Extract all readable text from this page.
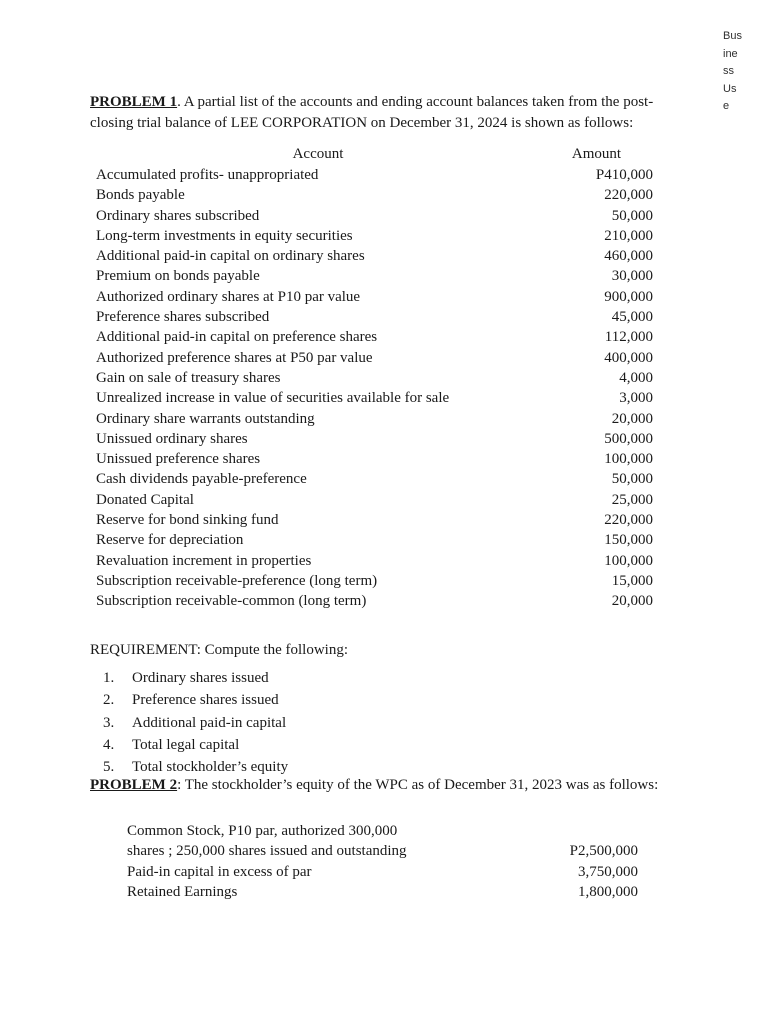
Bus
ine
ss
Us
e

PROBLEM 1. A partial list of the accounts and ending account balances taken from the post-closing trial balance of LEE CORPORATION on December 31, 2024 is shown as follows:

Account	Amount
Accumulated profits- unappropriated	P410,000
Bonds payable	220,000
Ordinary shares subscribed	50,000
Long-term investments in equity securities	210,000
Additional paid-in capital on ordinary shares	460,000
Premium on bonds payable	30,000
Authorized ordinary shares at P10 par value	900,000
Preference shares subscribed	45,000
Additional paid-in capital on preference shares	112,000
Authorized preference shares at P50 par value	400,000
Gain on sale of treasury shares	4,000
Unrealized increase in value of securities available for sale	3,000
Ordinary share warrants outstanding	20,000
Unissued ordinary shares	500,000
Unissued preference shares	100,000
Cash dividends payable-preference	50,000
Donated Capital	25,000
Reserve for bond sinking fund	220,000
Reserve for depreciation	150,000
Revaluation increment in properties	100,000
Subscription receivable-preference (long term)	15,000
Subscription receivable-common (long term)	20,000

REQUIREMENT: Compute the following:

1.	Ordinary shares issued
2.	Preference shares issued
3.	Additional paid-in capital
4.	Total legal capital
5.	Total stockholder’s equity

PROBLEM 2: The stockholder’s equity of the WPC as of December 31, 2023 was as follows:

Common Stock, P10 par, authorized 300,000
shares ; 250,000 shares issued and outstanding	P2,500,000
Paid-in capital in excess of par	3,750,000
Retained Earnings	1,800,000
